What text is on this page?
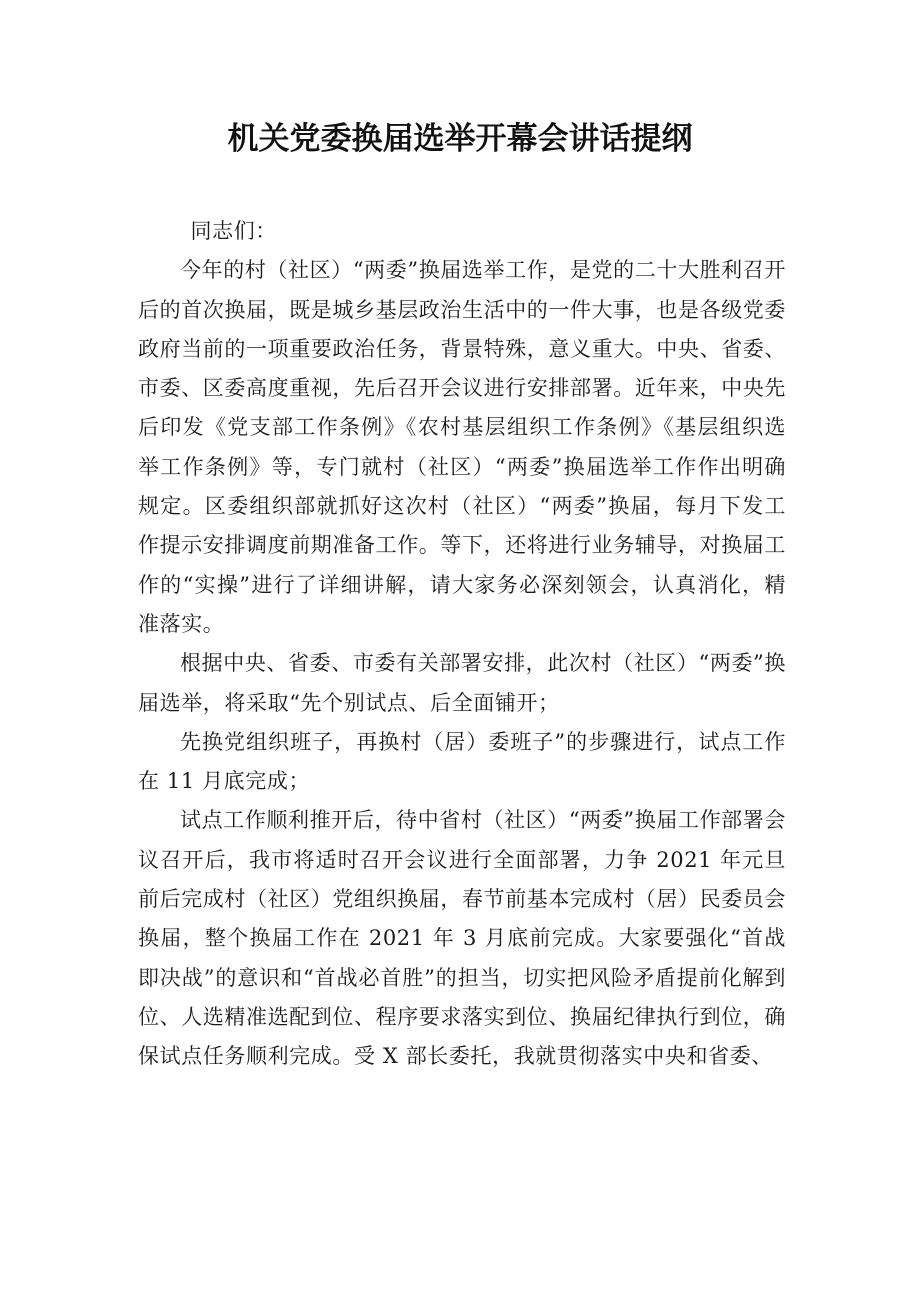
机关党委换届选举开幕会讲话提纲

同志们：

今年的村（社区）“两委”换届选举工作，是党的二十大胜利召开后的首次换届，既是城乡基层政治生活中的一件大事，也是各级党委政府当前的一项重要政治任务，背景特殊，意义重大。中央、省委、市委、区委高度重视，先后召开会议进行安排部署。近年来，中央先后印发《党支部工作条例》《农村基层组织工作条例》《基层组织选举工作条例》等，专门就村（社区）“两委”换届选举工作作出明确规定。区委组织部就抓好这次村（社区）“两委”换届，每月下发工作提示安排调度前期准备工作。等下，还将进行业务辅导，对换届工作的“实操”进行了详细讲解，请大家务必深刻领会，认真消化，精准落实。

根据中央、省委、市委有关部署安排，此次村（社区）“两委”换届选举，将采取“先个别试点、后全面铺开；

先换党组织班子，再换村（居）委班子”的步骤进行，试点工作在 11 月底完成；

试点工作顺利推开后，待中省村（社区）“两委”换届工作部署会议召开后，我市将适时召开会议进行全面部署，力争 2021 年元旦前后完成村（社区）党组织换届，春节前基本完成村（居）民委员会换届，整个换届工作在 2021 年 3 月底前完成。大家要强化“首战即决战”的意识和“首战必首胜”的担当，切实把风险矛盾提前化解到位、人选精准选配到位、程序要求落实到位、换届纪律执行到位，确保试点任务顺利完成。受 X 部长委托，我就贯彻落实中央和省委、
